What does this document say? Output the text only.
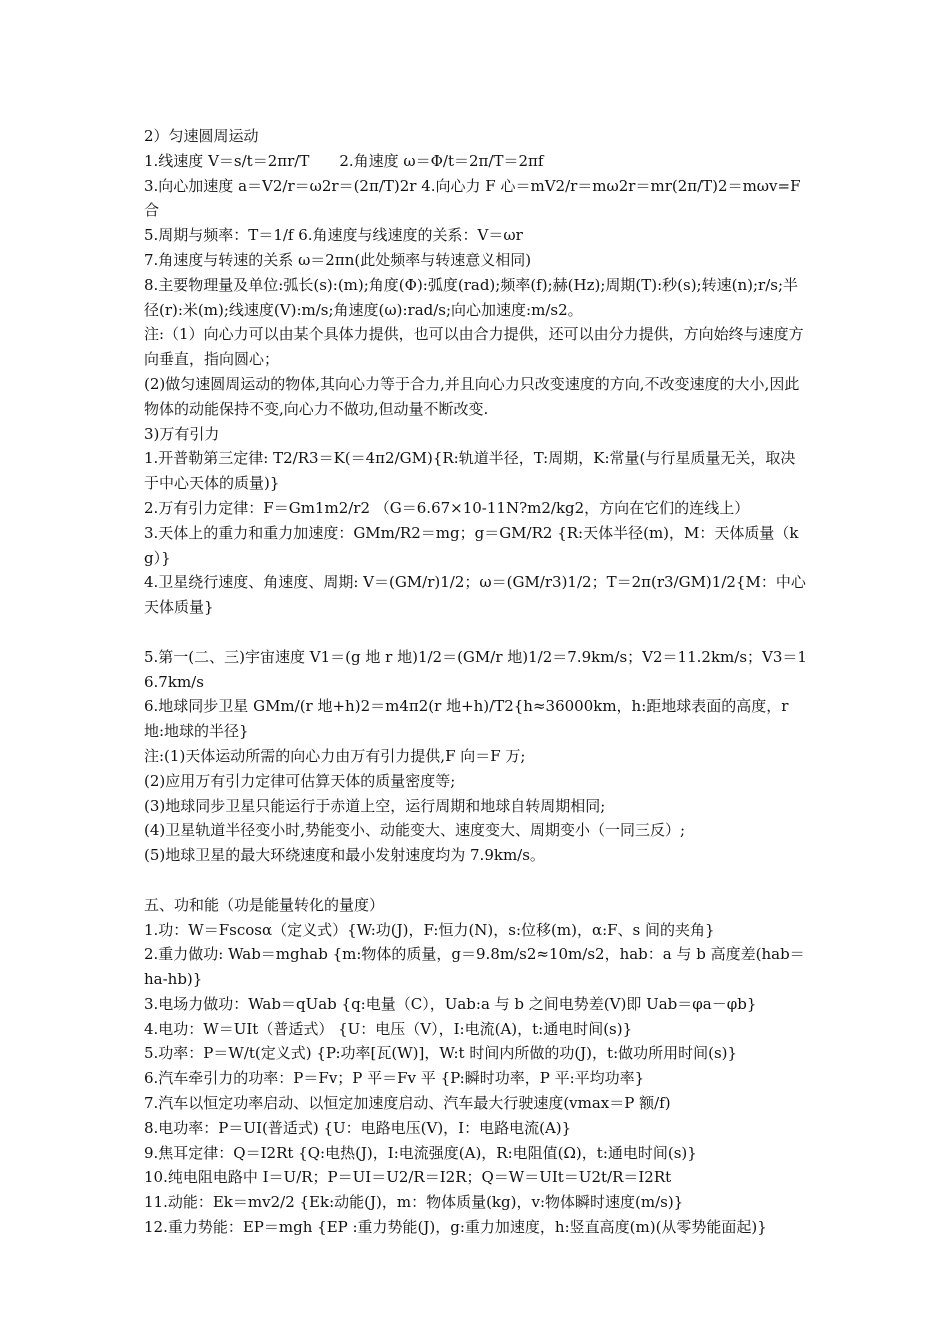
2）匀速圆周运动
1.线速度 V＝s/t＝2πr/T　　2.角速度 ω＝Φ/t＝2π/T＝2πf
3.向心加速度 a＝V2/r＝ω2r＝(2π/T)2r 4.向心力 F 心＝mV2/r＝mω2r＝mr(2π/T)2＝mωv=F 合
5.周期与频率：T＝1/f 6.角速度与线速度的关系：V＝ωr
7.角速度与转速的关系 ω＝2πn(此处频率与转速意义相同)
8.主要物理量及单位:弧长(s):(m);角度(Φ):弧度(rad);频率(f);赫(Hz);周期(T):秒(s);转速(n);r/s;半径(r):米(m);线速度(V):m/s;角速度(ω):rad/s;向心加速度:m/s2。
注:（1）向心力可以由某个具体力提供，也可以由合力提供，还可以由分力提供，方向始终与速度方向垂直，指向圆心；
(2)做匀速圆周运动的物体,其向心力等于合力,并且向心力只改变速度的方向,不改变速度的大小,因此物体的动能保持不变,向心力不做功,但动量不断改变.
3)万有引力
1.开普勒第三定律: T2/R3＝K(＝4π2/GM){R:轨道半径，T:周期，K:常量(与行星质量无关，取决于中心天体的质量)}
2.万有引力定律：F＝Gm1m2/r2 （G＝6.67×10-11N?m2/kg2，方向在它们的连线上）
3.天体上的重力和重力加速度：GMm/R2＝mg；g＝GM/R2 {R:天体半径(m)，M：天体质量（kg）}
4.卫星绕行速度、角速度、周期: V＝(GM/r)1/2；ω＝(GM/r3)1/2；T＝2π(r3/GM)1/2{M：中心天体质量}
5.第一(二、三)宇宙速度 V1＝(g 地 r 地)1/2＝(GM/r 地)1/2＝7.9km/s；V2＝11.2km/s；V3＝16.7km/s
6.地球同步卫星 GMm/(r 地+h)2＝m4π2(r 地+h)/T2{h≈36000km，h:距地球表面的高度，r 地:地球的半径}
注:(1)天体运动所需的向心力由万有引力提供,F 向＝F 万;
(2)应用万有引力定律可估算天体的质量密度等;
(3)地球同步卫星只能运行于赤道上空，运行周期和地球自转周期相同;
(4)卫星轨道半径变小时,势能变小、动能变大、速度变大、周期变小（一同三反）;
(5)地球卫星的最大环绕速度和最小发射速度均为 7.9km/s。
五、功和能（功是能量转化的量度）
1.功：W＝Fscosα（定义式）{W:功(J)，F:恒力(N)，s:位移(m)，α:F、s 间的夹角}
2.重力做功: Wab＝mghab {m:物体的质量，g＝9.8m/s2≈10m/s2，hab：a 与 b 高度差(hab＝ha-hb)}
3.电场力做功：Wab＝qUab {q:电量（C），Uab:a 与 b 之间电势差(V)即 Uab＝φa－φb}
4.电功：W＝UIt（普适式） {U：电压（V），I:电流(A)，t:通电时间(s)}
5.功率：P＝W/t(定义式) {P:功率[瓦(W)]，W:t 时间内所做的功(J)，t:做功所用时间(s)}
6.汽车牵引力的功率：P＝Fv；P 平＝Fv 平 {P:瞬时功率，P 平:平均功率}
7.汽车以恒定功率启动、以恒定加速度启动、汽车最大行驶速度(vmax＝P 额/f)
8.电功率：P＝UI(普适式) {U：电路电压(V)，I：电路电流(A)}
9.焦耳定律：Q＝I2Rt {Q:电热(J)，I:电流强度(A)，R:电阻值(Ω)，t:通电时间(s)}
10.纯电阻电路中 I＝U/R；P＝UI＝U2/R＝I2R；Q＝W＝UIt＝U2t/R＝I2Rt
11.动能：Ek＝mv2/2 {Ek:动能(J)，m：物体质量(kg)，v:物体瞬时速度(m/s)}
12.重力势能：EP＝mgh {EP :重力势能(J)，g:重力加速度，h:竖直高度(m)(从零势能面起)}
